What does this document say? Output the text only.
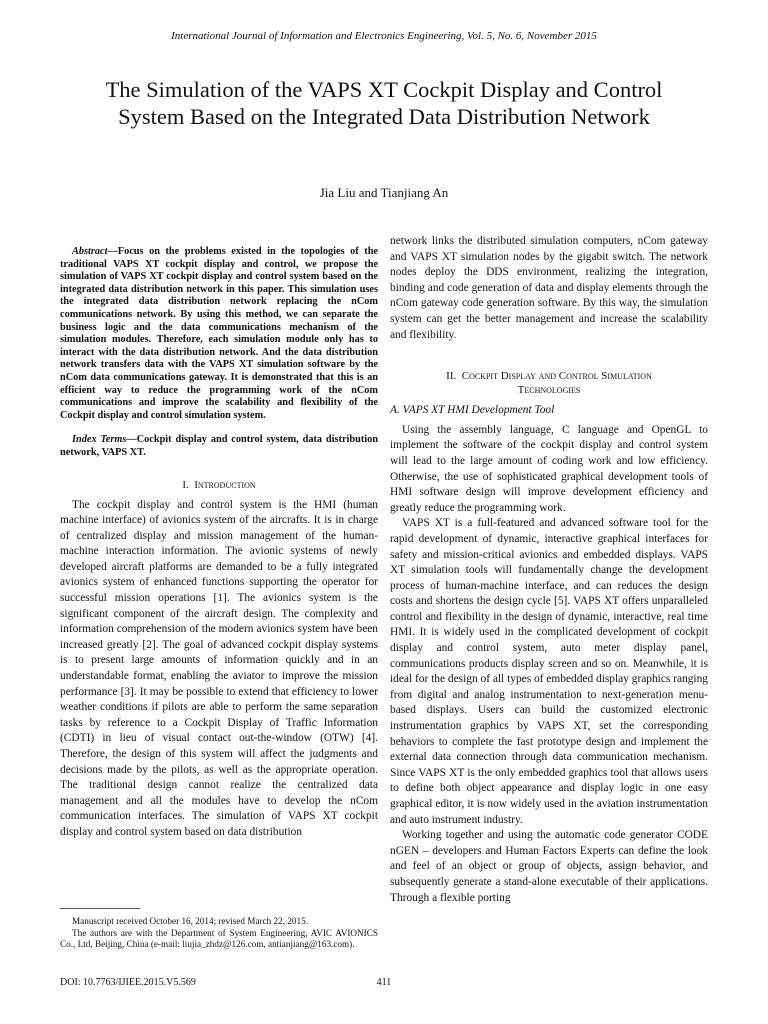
International Journal of Information and Electronics Engineering, Vol. 5, No. 6, November 2015
The Simulation of the VAPS XT Cockpit Display and Control System Based on the Integrated Data Distribution Network
Jia Liu and Tianjiang An

Abstract—Focus on the problems existed in the topologies of the traditional VAPS XT cockpit display and control, we propose the simulation of VAPS XT cockpit display and control system based on the integrated data distribution network in this paper. This simulation uses the integrated data distribution network replacing the nCom communications network. By using this method, we can separate the business logic and the data communications mechanism of the simulation modules. Therefore, each simulation module only has to interact with the data distribution network. And the data distribution network transfers data with the VAPS XT simulation software by the nCom data communications gateway. It is demonstrated that this is an efficient way to reduce the programming work of the nCom communications and improve the scalability and flexibility of the Cockpit display and control simulation system.

Index Terms—Cockpit display and control system, data distribution network, VAPS XT.

I. Introduction

The cockpit display and control system is the HMI (human machine interface) of avionics system of the aircrafts. It is in charge of centralized display and mission management of the human-machine interaction information. The avionic systems of newly developed aircraft platforms are demanded to be a fully integrated avionics system of enhanced functions supporting the operator for successful mission operations [1]. The avionics system is the significant component of the aircraft design. The complexity and information comprehension of the modern avionics system have been increased greatly [2]. The goal of advanced cockpit display systems is to present large amounts of information quickly and in an understandable format, enabling the aviator to improve the mission performance [3]. It may be possible to extend that efficiency to lower weather conditions if pilots are able to perform the same separation tasks by reference to a Cockpit Display of Traffic Information (CDTI) in lieu of visual contact out-the-window (OTW) [4]. Therefore, the design of this system will affect the judgments and decisions made by the pilots, as well as the appropriate operation. The traditional design cannot realize the centralized data management and all the modules have to develop the nCom communication interfaces. The simulation of VAPS XT cockpit display and control system based on data distribution

Manuscript received October 16, 2014; revised March 22, 2015.

The authors are with the Department of System Engineering, AVIC AVIONICS Co., Ltd, Beijing, China (e-mail: liujia_zhdz@126.com, antianjiang@163.com).

network links the distributed simulation computers, nCom gateway and VAPS XT simulation nodes by the gigabit switch. The network nodes deploy the DDS environment, realizing the integration, binding and code generation of data and display elements through the nCom gateway code generation software. By this way, the simulation system can get the better management and increase the scalability and flexibility.

II. Cockpit Display and Control Simulation
Technologies
A. VAPS XT HMI Development Tool

Using the assembly language, C language and OpenGL to implement the software of the cockpit display and control system will lead to the large amount of coding work and low efficiency. Otherwise, the use of sophisticated graphical development tools of HMI software design will improve development efficiency and greatly reduce the programming work.

VAPS XT is a full-featured and advanced software tool for the rapid development of dynamic, interactive graphical interfaces for safety and mission-critical avionics and embedded displays. VAPS XT simulation tools will fundamentally change the development process of human-machine interface, and can reduces the design costs and shortens the design cycle [5]. VAPS XT offers unparalleled control and flexibility in the design of dynamic, interactive, real time HMI. It is widely used in the complicated development of cockpit display and control system, auto meter display panel, communications products display screen and so on. Meanwhile, it is ideal for the design of all types of embedded display graphics ranging from digital and analog instrumentation to next-generation menu-based displays. Users can build the customized electronic instrumentation graphics by VAPS XT, set the corresponding behaviors to complete the fast prototype design and implement the external data connection through data communication mechanism. Since VAPS XT is the only embedded graphics tool that allows users to define both object appearance and display logic in one easy graphical editor, it is now widely used in the aviation instrumentation and auto instrument industry.

Working together and using the automatic code generator CODE nGEN – developers and Human Factors Experts can define the look and feel of an object or group of objects, assign behavior, and subsequently generate a stand-alone executable of their applications. Through a flexible porting

DOI: 10.7763/IJIEE.2015.V5.569	411
